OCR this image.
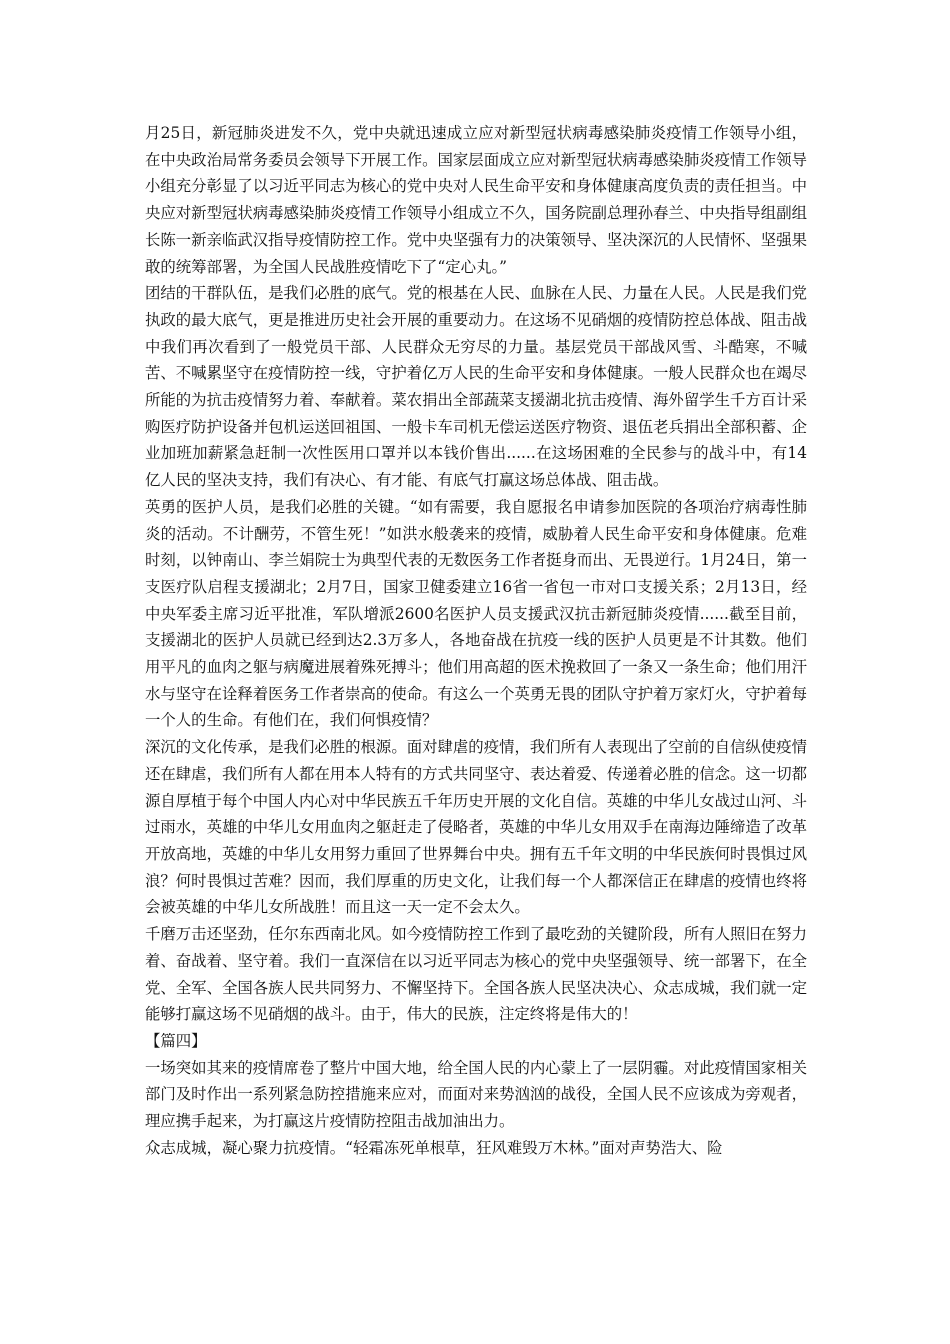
月25日，新冠肺炎进发不久，党中央就迅速成立应对新型冠状病毒感染肺炎疫情工作领导小组，在中央政治局常务委员会领导下开展工作。国家层面成立应对新型冠状病毒感染肺炎疫情工作领导小组充分彰显了以习近平同志为核心的党中央对人民生命平安和身体健康高度负责的责任担当。中央应对新型冠状病毒感染肺炎疫情工作领导小组成立不久，国务院副总理孙春兰、中央指导组副组长陈一新亲临武汉指导疫情防控工作。党中央坚强有力的决策领导、坚决深沉的人民情怀、坚强果敢的统筹部署，为全国人民战胜疫情吃下了“定心丸。”

团结的干群队伍，是我们必胜的底气。党的根基在人民、血脉在人民、力量在人民。人民是我们党执政的最大底气，更是推进历史社会开展的重要动力。在这场不见硝烟的疫情防控总体战、阻击战中我们再次看到了一般党员干部、人民群众无穷尽的力量。基层党员干部战风雪、斗酷寒，不喊苦、不喊累坚守在疫情防控一线，守护着亿万人民的生命平安和身体健康。一般人民群众也在竭尽所能的为抗击疫情努力着、奉献着。菜农捐出全部蔬菜支援湖北抗击疫情、海外留学生千方百计采购医疗防护设备并包机运送回祖国、一般卡车司机无偿运送医疗物资、退伍老兵捐出全部积蓄、企业加班加薪紧急赶制一次性医用口罩并以本钱价售出......在这场困难的全民参与的战斗中，有14亿人民的坚决支持，我们有决心、有才能、有底气打赢这场总体战、阻击战。

英勇的医护人员，是我们必胜的关键。“如有需要，我自愿报名申请参加医院的各项治疗病毒性肺炎的活动。不计酬劳，不管生死！”如洪水般袭来的疫情，威胁着人民生命平安和身体健康。危难时刻，以钟南山、李兰娟院士为典型代表的无数医务工作者挺身而出、无畏逆行。1月24日，第一支医疗队启程支援湖北；2月7日，国家卫健委建立16省一省包一市对口支援关系；2月13日，经中央军委主席习近平批准，军队增派2600名医护人员支援武汉抗击新冠肺炎疫情......截至目前，支援湖北的医护人员就已经到达2.3万多人，各地奋战在抗疫一线的医护人员更是不计其数。他们用平凡的血肉之躯与病魔进展着殊死搏斗；他们用高超的医术挽救回了一条又一条生命；他们用汗水与坚守在诠释着医务工作者崇高的使命。有这么一个英勇无畏的团队守护着万家灯火，守护着每一个人的生命。有他们在，我们何惧疫情？

深沉的文化传承，是我们必胜的根源。面对肆虐的疫情，我们所有人表现出了空前的自信纵使疫情还在肆虐，我们所有人都在用本人特有的方式共同坚守、表达着爱、传递着必胜的信念。这一切都源自厚植于每个中国人内心对中华民族五千年历史开展的文化自信。英雄的中华儿女战过山河、斗过雨水，英雄的中华儿女用血肉之躯赶走了侵略者，英雄的中华儿女用双手在南海边陲缔造了改革开放高地，英雄的中华儿女用努力重回了世界舞台中央。拥有五千年文明的中华民族何时畏惧过风浪？何时畏惧过苦难？因而，我们厚重的历史文化，让我们每一个人都深信正在肆虐的疫情也终将会被英雄的中华儿女所战胜！而且这一天一定不会太久。

千磨万击还坚劲，任尔东西南北风。如今疫情防控工作到了最吃劲的关键阶段，所有人照旧在努力着、奋战着、坚守着。我们一直深信在以习近平同志为核心的党中央坚强领导、统一部署下，在全党、全军、全国各族人民共同努力、不懈坚持下。全国各族人民坚决决心、众志成城，我们就一定能够打赢这场不见硝烟的战斗。由于，伟大的民族，注定终将是伟大的！

【篇四】

一场突如其来的疫情席卷了整片中国大地，给全国人民的内心蒙上了一层阴霾。对此疫情国家相关部门及时作出一系列紧急防控措施来应对，而面对来势汹汹的战役，全国人民不应该成为旁观者，理应携手起来，为打赢这片疫情防控阻击战加油出力。

众志成城，凝心聚力抗疫情。“轻霜冻死单根草，狂风难毁万木林。”面对声势浩大、险
